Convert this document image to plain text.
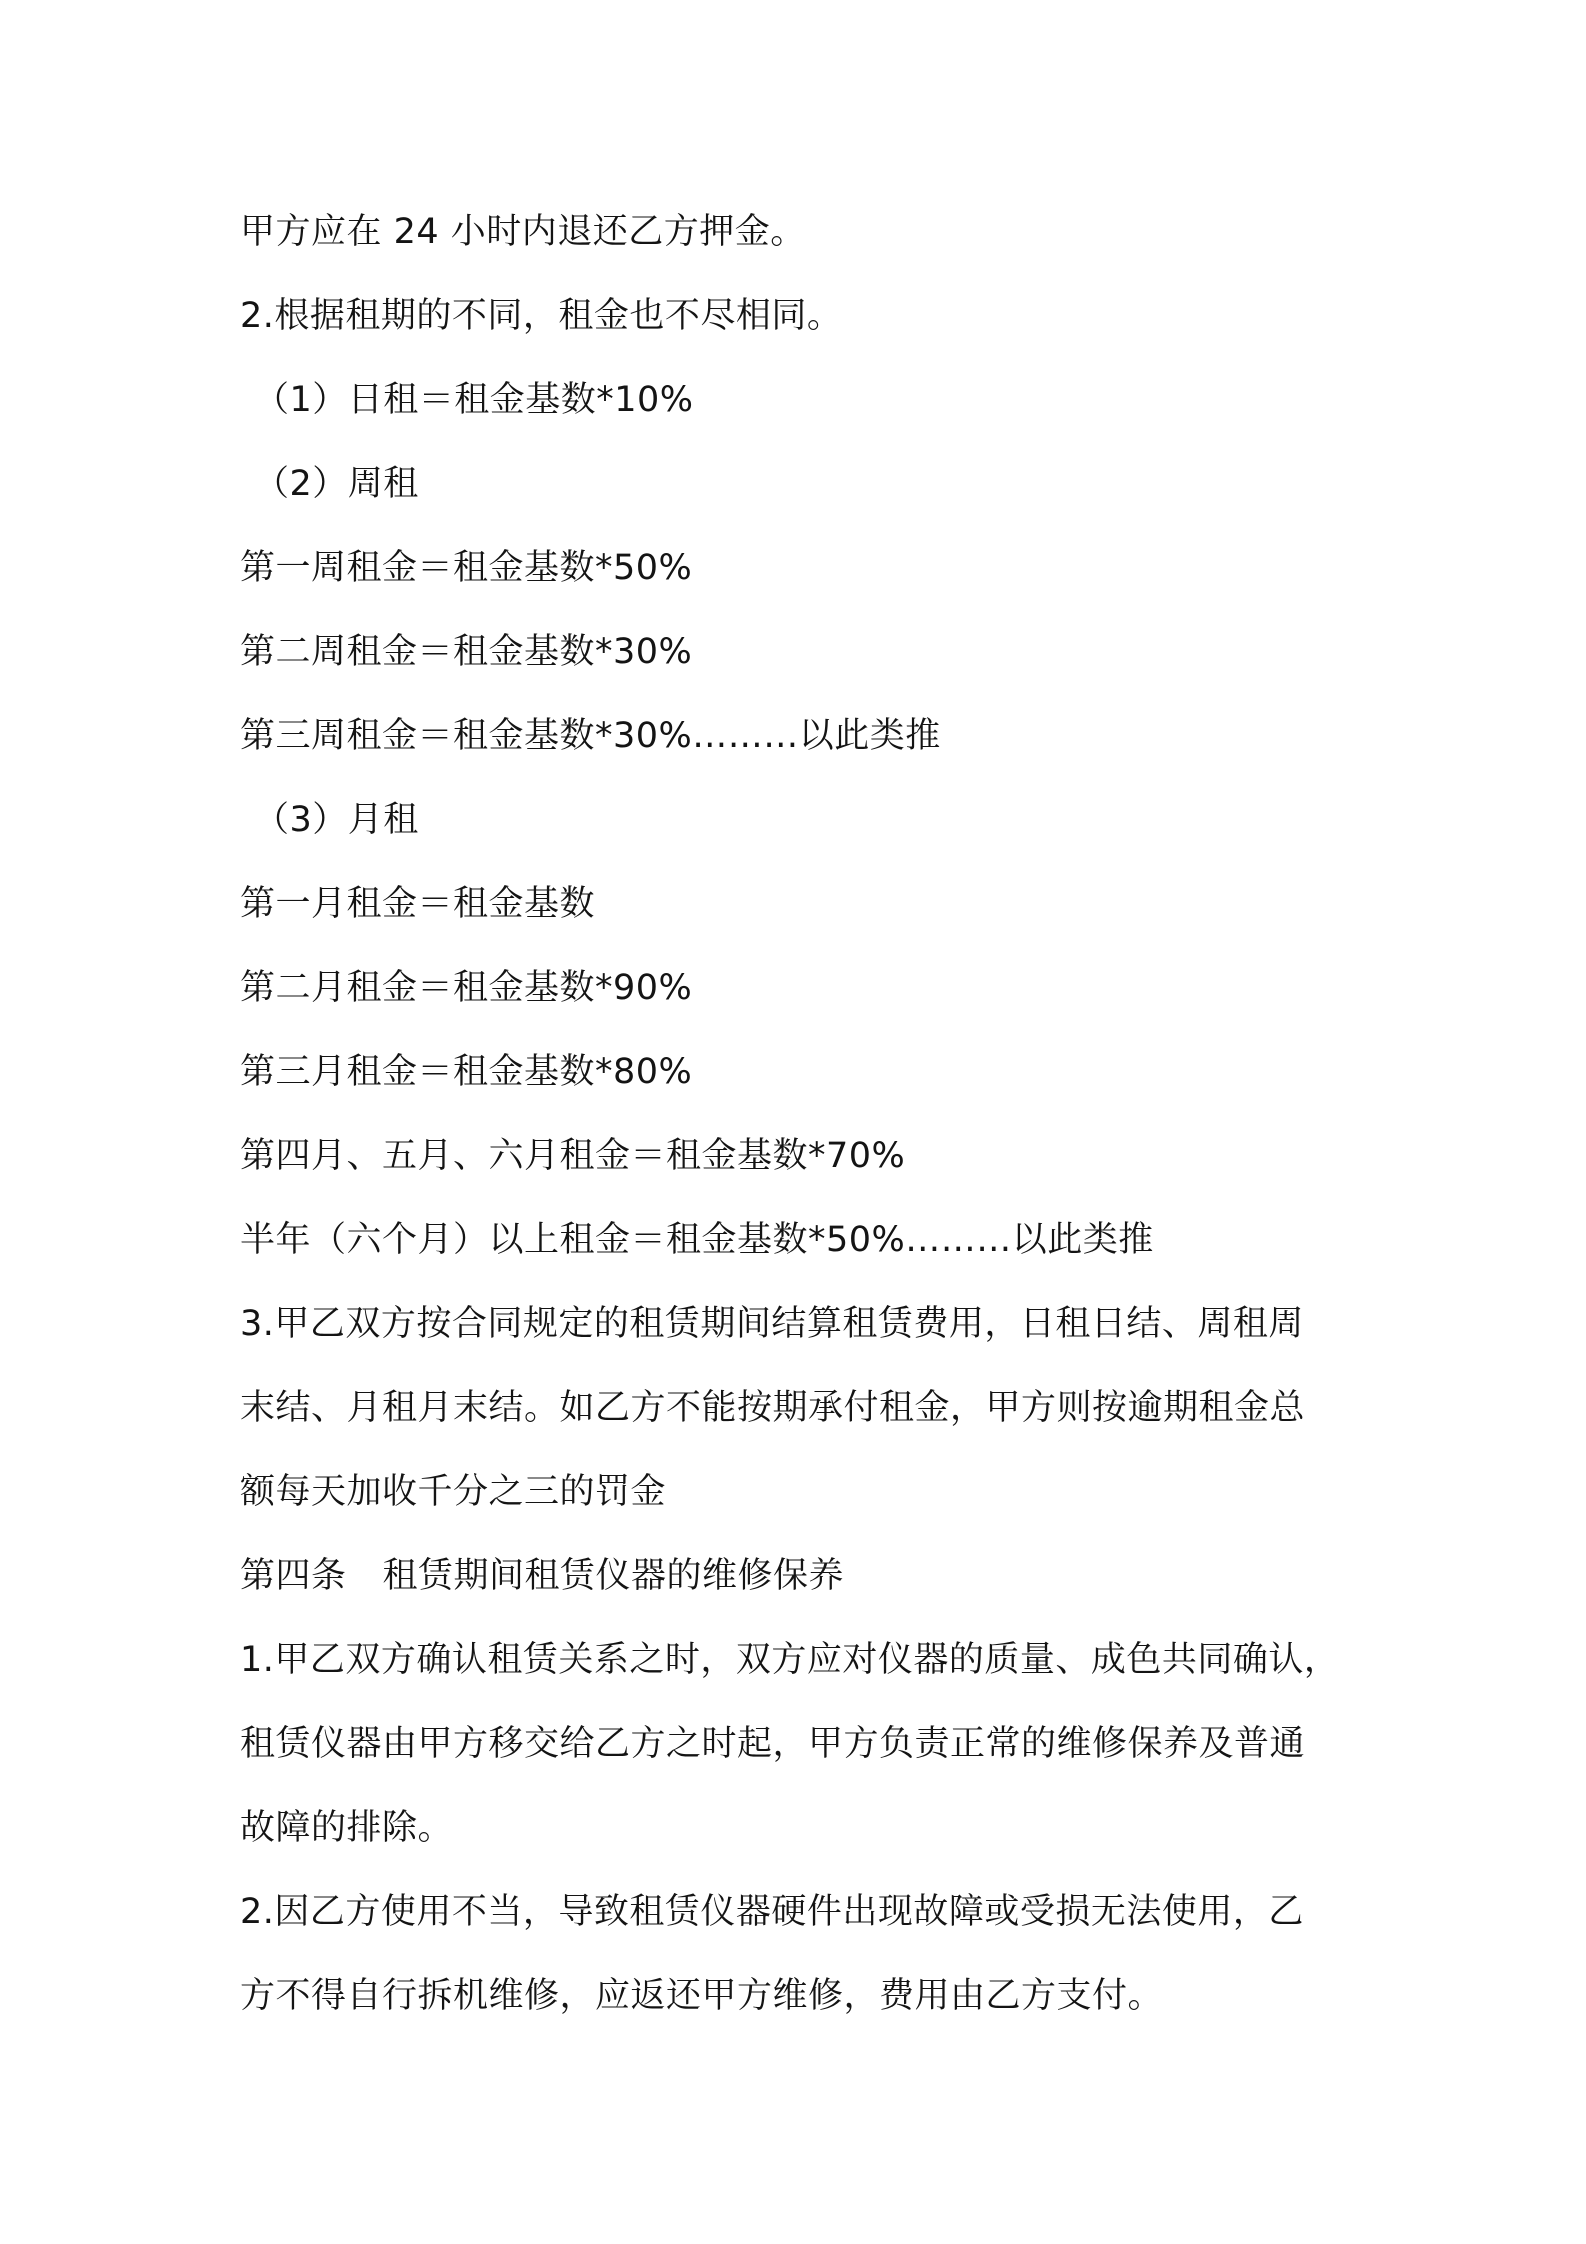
甲方应在 24 小时内退还乙方押金。
2.根据租期的不同，租金也不尽相同。
（1）日租＝租金基数*10%
（2）周租
第一周租金＝租金基数*50%
第二周租金＝租金基数*30%
第三周租金＝租金基数*30%………以此类推
（3）月租
第一月租金＝租金基数
第二月租金＝租金基数*90%
第三月租金＝租金基数*80%
第四月、五月、六月租金＝租金基数*70%
半年（六个月）以上租金＝租金基数*50%………以此类推
3.甲乙双方按合同规定的租赁期间结算租赁费用，日租日结、周租周
末结、月租月末结。如乙方不能按期承付租金，甲方则按逾期租金总
额每天加收千分之三的罚金
第四条 租赁期间租赁仪器的维修保养
1.甲乙双方确认租赁关系之时，双方应对仪器的质量、成色共同确认，
租赁仪器由甲方移交给乙方之时起，甲方负责正常的维修保养及普通
故障的排除。
2.因乙方使用不当，导致租赁仪器硬件出现故障或受损无法使用，乙
方不得自行拆机维修，应返还甲方维修，费用由乙方支付。
